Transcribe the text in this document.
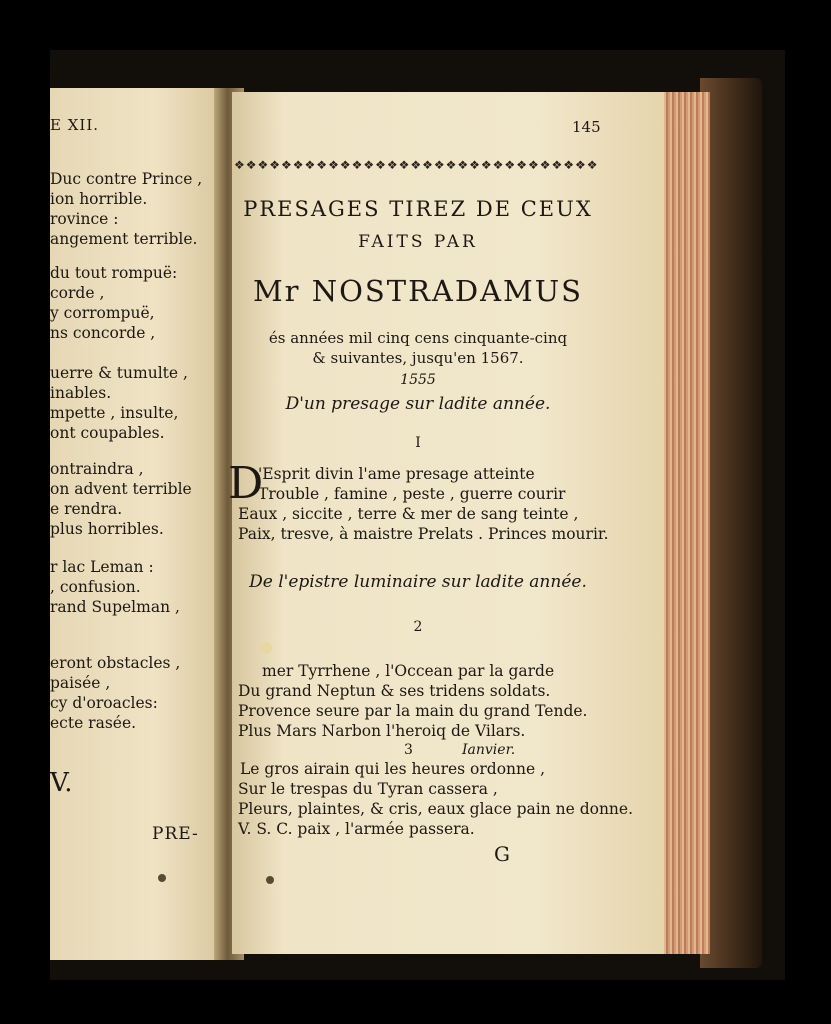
E XII.
Duc contre Prince ,
ion horrible.
rovince :
angement terrible.
du tout rompuë:
corde ,
y corrompuë,
ns concorde ,
uerre & tumulte ,
inables.
mpette , insulte,
ont coupables.
ontraindra ,
on advent terrible
e rendra.
plus horribles.
r lac Leman :
, confusion.
rand Supelman ,
eront obstacles ,
paisée ,
cy d'oroacles:
ecte rasée.
V.
PRE-
145
❖❖❖❖❖❖❖❖❖❖❖❖❖❖❖❖❖❖❖❖❖❖❖❖❖❖❖❖❖❖❖
PRESAGES TIREZ DE CEUX
FAITS PAR
Mr NOSTRADAMUS
és années mil cinq cens cinquante-cinq
& suivantes, jusqu'en 1567.
1555
D'un presage sur ladite année.
I
D
'Esprit divin l'ame presage atteinte
Trouble , famine , peste , guerre courir
Eaux , siccite , terre & mer de sang teinte ,
Paix, tresve, à maistre Prelats . Princes mourir.
De l'epistre luminaire sur ladite année.
2
mer Tyrrhene , l'Occean par la garde
Du grand Neptun & ses tridens soldats.
Provence seure par la main du grand Tende.
Plus Mars Narbon l'heroiq de Vilars.
3	Ianvier.
Le gros airain qui les heures ordonne ,
Sur le trespas du Tyran cassera ,
Pleurs, plaintes, & cris, eaux glace pain ne donne.
V. S. C. paix , l'armée passera.
G
